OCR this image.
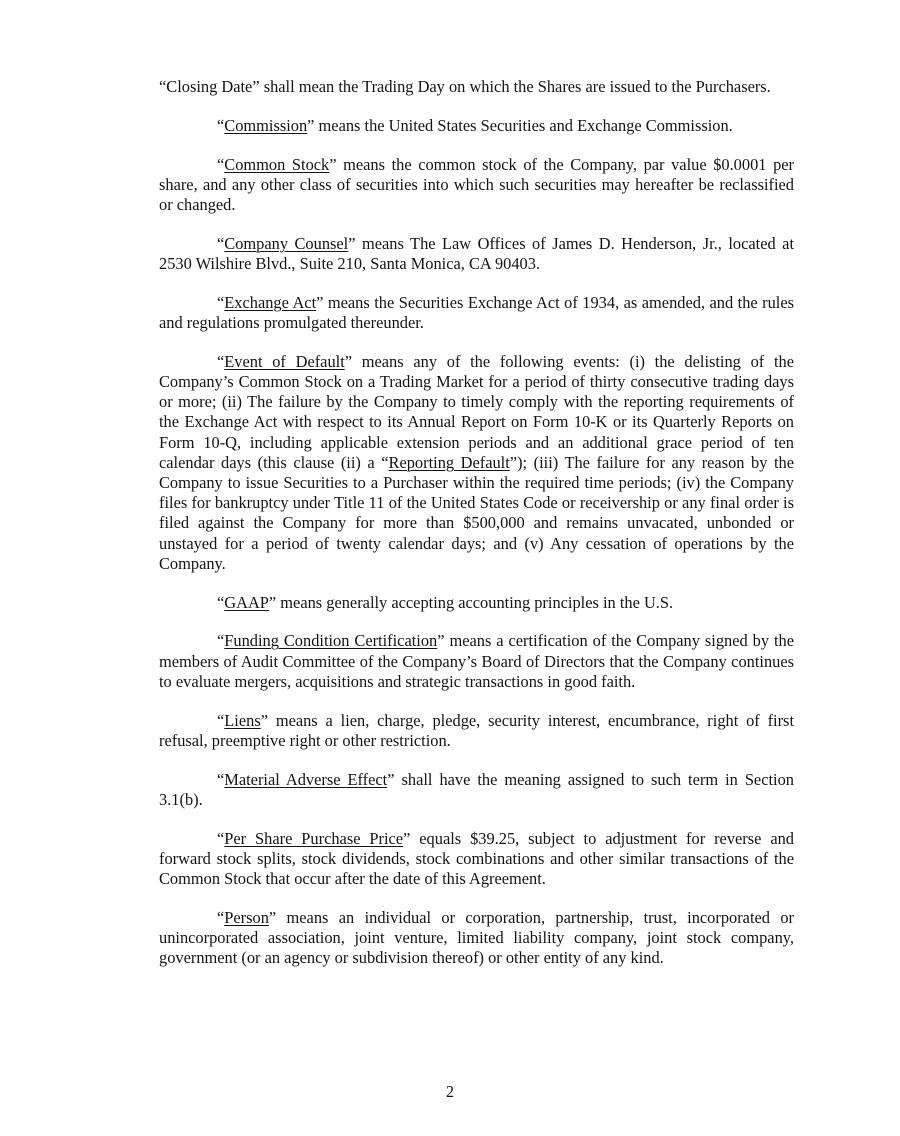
“Closing Date” shall mean the Trading Day on which the Shares are issued to the Purchasers.

“Commission” means the United States Securities and Exchange Commission.

“Common Stock” means the common stock of the Company, par value $0.0001 per share, and any other class of securities into which such securities may hereafter be reclassified or changed.

“Company Counsel” means The Law Offices of James D. Henderson, Jr., located at 2530 Wilshire Blvd., Suite 210, Santa Monica, CA 90403.

“Exchange Act” means the Securities Exchange Act of 1934, as amended, and the rules and regulations promulgated thereunder.

“Event of Default” means any of the following events: (i) the delisting of the Company’s Common Stock on a Trading Market for a period of thirty consecutive trading days or more; (ii) The failure by the Company to timely comply with the reporting requirements of the Exchange Act with respect to its Annual Report on Form 10-K or its Quarterly Reports on Form 10-Q, including applicable extension periods and an additional grace period of ten calendar days (this clause (ii) a “Reporting Default”); (iii) The failure for any reason by the Company to issue Securities to a Purchaser within the required time periods; (iv) the Company files for bankruptcy under Title 11 of the United States Code or receivership or any final order is filed against the Company for more than $500,000 and remains unvacated, unbonded or unstayed for a period of twenty calendar days; and (v) Any cessation of operations by the Company.

“GAAP” means generally accepting accounting principles in the U.S.

“Funding Condition Certification” means a certification of the Company signed by the members of Audit Committee of the Company’s Board of Directors that the Company continues to evaluate mergers, acquisitions and strategic transactions in good faith.

“Liens” means a lien, charge, pledge, security interest, encumbrance, right of first refusal, preemptive right or other restriction.

“Material Adverse Effect” shall have the meaning assigned to such term in Section 3.1(b).

“Per Share Purchase Price” equals $39.25, subject to adjustment for reverse and forward stock splits, stock dividends, stock combinations and other similar transactions of the Common Stock that occur after the date of this Agreement.

“Person” means an individual or corporation, partnership, trust, incorporated or unincorporated association, joint venture, limited liability company, joint stock company, government (or an agency or subdivision thereof) or other entity of any kind.

2
